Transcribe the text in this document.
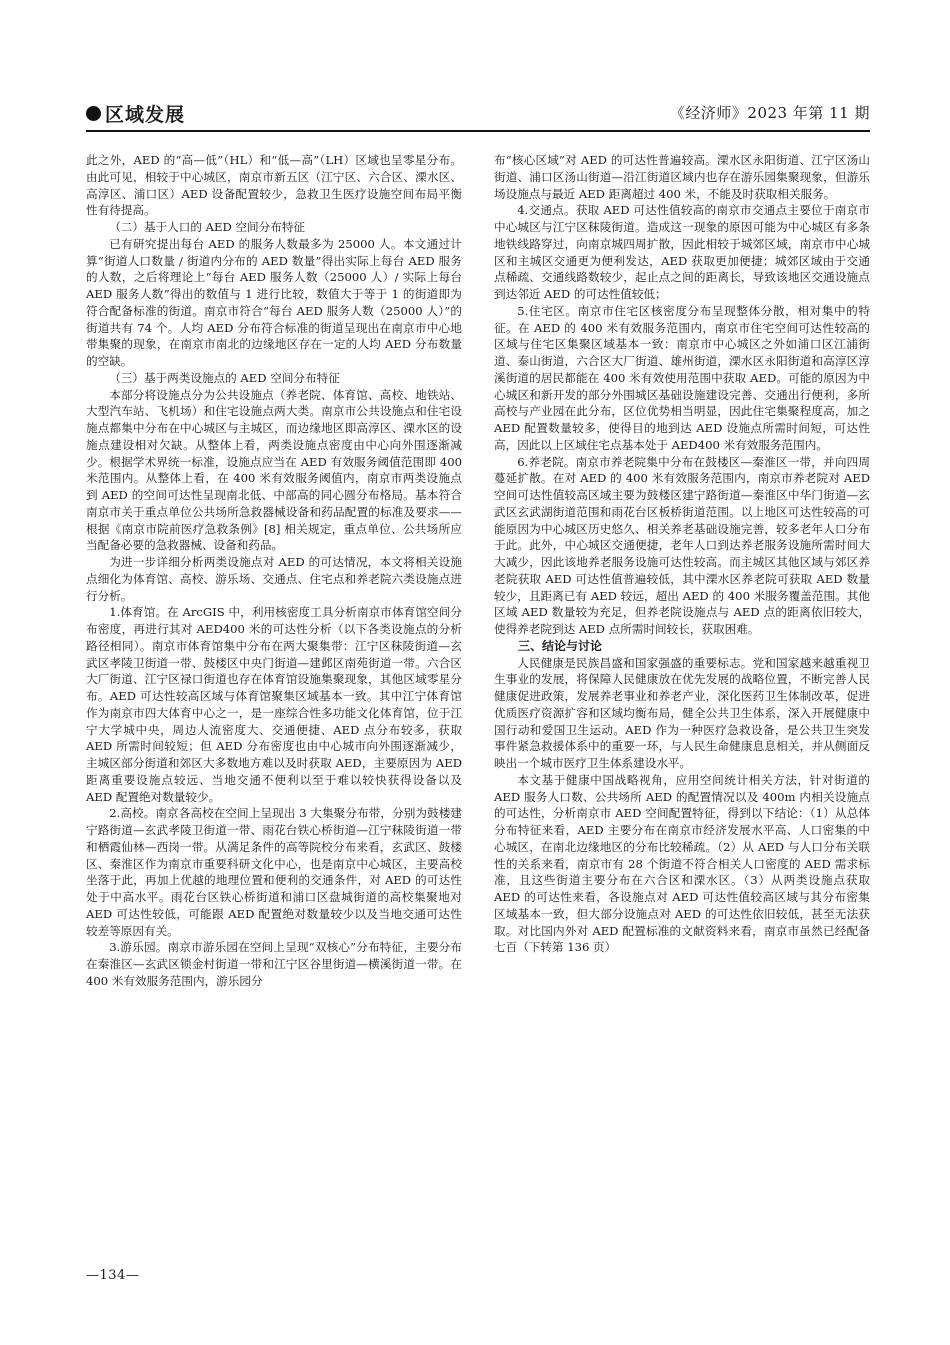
区域发展	《经济师》2023 年第 11 期

此之外，AED 的“高—低”（HL）和“低—高”（LH）区域也呈零星分布。由此可见，相较于中心城区，南京市新五区（江宁区、六合区、溧水区、高淳区、浦口区）AED 设备配置较少，急救卫生医疗设施空间布局平衡性有待提高。

（二）基于人口的 AED 空间分布特征

已有研究提出每台 AED 的服务人数最多为 25000 人。本文通过计算“街道人口数量 / 街道内分布的 AED 数量”得出实际上每台 AED 服务的人数，之后将理论上“每台 AED 服务人数（25000 人）/ 实际上每台 AED 服务人数”得出的数值与 1 进行比较，数值大于等于 1 的街道即为符合配备标准的街道。南京市符合“每台 AED 服务人数（25000 人）”的街道共有 74 个。人均 AED 分布符合标准的街道呈现出在南京市中心地带集聚的现象，在南京市南北的边缘地区存在一定的人均 AED 分布数量的空缺。

（三）基于两类设施点的 AED 空间分布特征

本部分将设施点分为公共设施点（养老院、体育馆、高校、地铁站、大型汽车站、飞机场）和住宅设施点两大类。南京市公共设施点和住宅设施点都集中分布在中心城区与主城区，而边缘地区即高淳区、溧水区的设施点建设相对欠缺。从整体上看，两类设施点密度由中心向外围逐渐减少。根据学术界统一标准，设施点应当在 AED 有效服务阈值范围即 400 米范围内。从整体上看，在 400 米有效服务阈值内，南京市两类设施点到 AED 的空间可达性呈现南北低、中部高的同心圆分布格局。基本符合南京市关于重点单位公共场所急救器械设备和药品配置的标准及要求——根据《南京市院前医疗急救条例》[8] 相关规定，重点单位、公共场所应当配备必要的急救器械、设备和药品。

为进一步详细分析两类设施点对 AED 的可达情况，本文将相关设施点细化为体育馆、高校、游乐场、交通点、住宅点和养老院六类设施点进行分析。

1.体育馆。在 ArcGIS 中，利用核密度工具分析南京市体育馆空间分布密度，再进行其对 AED400 米的可达性分析（以下各类设施点的分析路径相同）。南京市体育馆集中分布在两大聚集带：江宁区秣陵街道—玄武区孝陵卫街道一带、鼓楼区中央门街道—建邺区南苑街道一带。六合区大厂街道、江宁区禄口街道也存在体育馆设施集聚现象，其他区域零星分布。AED 可达性较高区域与体育馆聚集区域基本一致。其中江宁体育馆作为南京市四大体育中心之一，是一座综合性多功能文化体育馆，位于江宁大学城中央，周边人流密度大、交通便捷、AED 点分布较多，获取 AED 所需时间较短；但 AED 分布密度也由中心城市向外围逐渐减少，主城区部分街道和郊区大多数地方难以及时获取 AED，主要原因为 AED 距离重要设施点较远、当地交通不便利以至于难以较快获得设备以及 AED 配置绝对数量较少。

2.高校。南京各高校在空间上呈现出 3 大集聚分布带，分别为鼓楼建宁路街道—玄武孝陵卫街道一带、雨花台铁心桥街道—江宁秣陵街道一带和栖霞仙林—西岗一带。从满足条件的高等院校分布来看，玄武区、鼓楼区、秦淮区作为南京市重要科研文化中心，也是南京中心城区，主要高校坐落于此，再加上优越的地理位置和便利的交通条件，对 AED 的可达性处于中高水平。雨花台区铁心桥街道和浦口区盘城街道的高校集聚地对 AED 可达性较低，可能跟 AED 配置绝对数量较少以及当地交通可达性较差等原因有关。

3.游乐园。南京市游乐园在空间上呈现“双核心”分布特征，主要分布在秦淮区—玄武区锁金村街道一带和江宁区谷里街道—横溪街道一带。在 400 米有效服务范围内，游乐园分

布“核心区域”对 AED 的可达性普遍较高。溧水区永阳街道、江宁区汤山街道、浦口区汤山街道—沿江街道区域内也存在游乐园集聚现象，但游乐场设施点与最近 AED 距离超过 400 米，不能及时获取相关服务。

4.交通点。获取 AED 可达性值较高的南京市交通点主要位于南京市中心城区与江宁区秣陵街道。造成这一现象的原因可能为中心城区有多条地铁线路穿过，向南京城四周扩散，因此相较于城郊区域，南京市中心城区和主城区交通更为便利发达，AED 获取更加便捷；城郊区域由于交通点稀疏、交通线路数较少，起止点之间的距离长，导致该地区交通设施点到达邻近 AED 的可达性值较低；

5.住宅区。南京市住宅区核密度分布呈现整体分散，相对集中的特征。在 AED 的 400 米有效服务范围内，南京市住宅空间可达性较高的区域与住宅区集聚区域基本一致：南京市中心城区之外如浦口区江浦街道、泰山街道，六合区大厂街道、雄州街道，溧水区永阳街道和高淳区淳溪街道的居民都能在 400 米有效使用范围中获取 AED。可能的原因为中心城区和新开发的部分外围城区基础设施建设完善、交通出行便利，多所高校与产业园在此分布，区位优势相当明显，因此住宅集聚程度高，加之 AED 配置数量较多，使得目的地到达 AED 设施点所需时间短，可达性高，因此以上区域住宅点基本处于 AED400 米有效服务范围内。

6.养老院。南京市养老院集中分布在鼓楼区—秦淮区一带，并向四周蔓延扩散。在对 AED 的 400 米有效服务范围内，南京市养老院对 AED 空间可达性值较高区域主要为鼓楼区建宁路街道—秦淮区中华门街道—玄武区玄武湖街道范围和雨花台区板桥街道范围。以上地区可达性较高的可能原因为中心城区历史悠久、相关养老基础设施完善，较多老年人口分布于此。此外，中心城区交通便捷，老年人口到达养老服务设施所需时间大大减少，因此该地养老服务设施可达性较高。而主城区其他区域与郊区养老院获取 AED 可达性值普遍较低，其中溧水区养老院可获取 AED 数量较少，且距离已有 AED 较远，超出 AED 的 400 米服务覆盖范围。其他区域 AED 数量较为充足，但养老院设施点与 AED 点的距离依旧较大，使得养老院到达 AED 点所需时间较长，获取困难。

三、结论与讨论

人民健康是民族昌盛和国家强盛的重要标志。党和国家越来越重视卫生事业的发展，将保障人民健康放在优先发展的战略位置，不断完善人民健康促进政策，发展养老事业和养老产业，深化医药卫生体制改革，促进优质医疗资源扩容和区域均衡布局，健全公共卫生体系，深入开展健康中国行动和爱国卫生运动。AED 作为一种医疗急救设备，是公共卫生突发事件紧急救援体系中的重要一环，与人民生命健康息息相关，并从侧面反映出一个城市医疗卫生体系建设水平。

本文基于健康中国战略视角，应用空间统计相关方法，针对街道的 AED 服务人口数、公共场所 AED 的配置情况以及 400m 内相关设施点的可达性，分析南京市 AED 空间配置特征，得到以下结论：（1）从总体分布特征来看，AED 主要分布在南京市经济发展水平高、人口密集的中心城区，在南北边缘地区的分布比较稀疏。（2）从 AED 与人口分布关联性的关系来看，南京市有 28 个街道不符合相关人口密度的 AED 需求标准，且这些街道主要分布在六合区和溧水区。（3）从两类设施点获取 AED 的可达性来看，各设施点对 AED 可达性值较高区域与其分布密集区域基本一致，但大部分设施点对 AED 的可达性依旧较低，甚至无法获取。对比国内外对 AED 配置标准的文献资料来看，南京市虽然已经配备七百（下转第 136 页）

—134—
